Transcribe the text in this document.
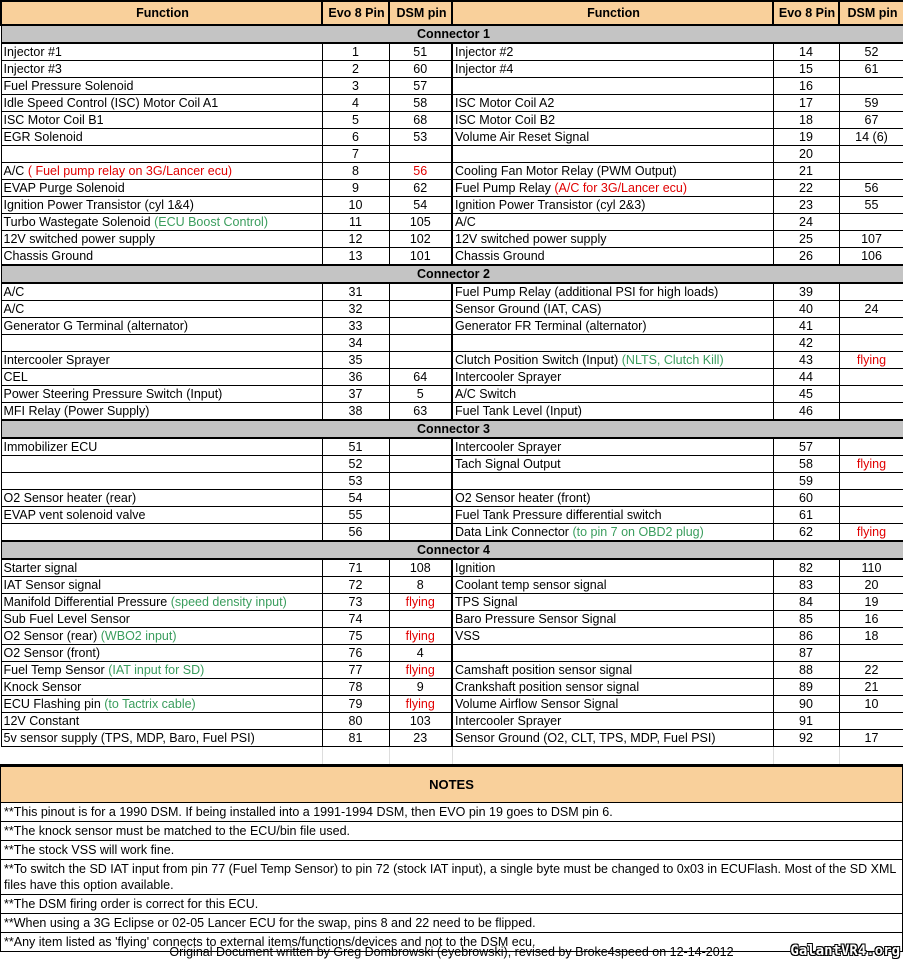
Function	Evo 8 Pin	DSM pin	Function	Evo 8 Pin	DSM pin
Connector 1					
Injector #1	1	51	Injector #2	14	52
Injector #3	2	60	Injector #4	15	61
Fuel Pressure Solenoid	3	57		16	
Idle Speed Control (ISC) Motor Coil A1	4	58	ISC Motor Coil A2	17	59
ISC Motor Coil B1	5	68	ISC Motor Coil B2	18	67
EGR Solenoid	6	53	Volume Air Reset Signal	19	14 (6)
	7			20	
A/C ( Fuel pump relay on 3G/Lancer ecu)	8	56	Cooling Fan Motor Relay (PWM Output)	21	
EVAP Purge Solenoid	9	62	Fuel Pump Relay (A/C for 3G/Lancer ecu)	22	56
Ignition Power Transistor (cyl 1&4)	10	54	Ignition Power Transistor (cyl 2&3)	23	55
Turbo Wastegate Solenoid (ECU Boost Control)	11	105	A/C	24	
12V switched power supply	12	102	12V switched power supply	25	107
Chassis Ground	13	101	Chassis Ground	26	106
Connector 2					
A/C	31		Fuel Pump Relay (additional PSI for high loads)	39	
A/C	32		Sensor Ground (IAT, CAS)	40	24
Generator G Terminal (alternator)	33		Generator FR Terminal (alternator)	41	
	34			42	
Intercooler Sprayer	35		Clutch Position Switch (Input) (NLTS, Clutch Kill)	43	flying
CEL	36	64	Intercooler Sprayer	44	
Power Steering Pressure Switch (Input)	37	5	A/C Switch	45	
MFI Relay (Power Supply)	38	63	Fuel Tank Level (Input)	46	
Connector 3					
Immobilizer ECU	51		Intercooler Sprayer	57	
	52		Tach Signal Output	58	flying
	53			59	
O2 Sensor heater (rear)	54		O2 Sensor heater (front)	60	
EVAP vent solenoid valve	55		Fuel Tank Pressure differential switch	61	
	56		Data Link Connector (to pin 7 on OBD2 plug)	62	flying
Connector 4					
Starter signal	71	108	Ignition	82	110
IAT Sensor signal	72	8	Coolant temp sensor signal	83	20
Manifold Differential Pressure (speed density input)	73	flying	TPS Signal	84	19
Sub Fuel Level Sensor	74		Baro Pressure Sensor Signal	85	16
O2 Sensor (rear) (WBO2 input)	75	flying	VSS	86	18
O2 Sensor (front)	76	4		87	
Fuel Temp Sensor (IAT input for SD)	77	flying	Camshaft position sensor signal	88	22
Knock Sensor	78	9	Crankshaft position sensor signal	89	21
ECU Flashing pin (to Tactrix cable)	79	flying	Volume Airflow Sensor Signal	90	10
12V Constant	80	103	Intercooler Sprayer	91	
5v sensor supply (TPS, MDP, Baro, Fuel PSI)	81	23	Sensor Ground (O2, CLT, TPS, MDP, Fuel PSI)	92	17

NOTES
**This pinout is for a 1990 DSM. If being installed into a 1991-1994 DSM, then EVO pin 19 goes to DSM pin 6.
**The knock sensor must be matched to the ECU/bin file used.
**The stock VSS will work fine.
**To switch the SD IAT input from pin 77 (Fuel Temp Sensor) to pin 72 (stock IAT input), a single byte must be changed to 0x03 in ECUFlash. Most of the SD XML files have this option available.
**The DSM firing order is correct for this ECU.
**When using a 3G Eclipse or 02-05 Lancer ECU for the swap, pins 8 and 22 need to be flipped.
**Any item listed as 'flying' connects to external items/functions/devices and not to the DSM ecu.
Original Document written by Greg Dombrowski (eyebrowski), revised by Broke4speed on 12-14-2012	GalantVR4.org
